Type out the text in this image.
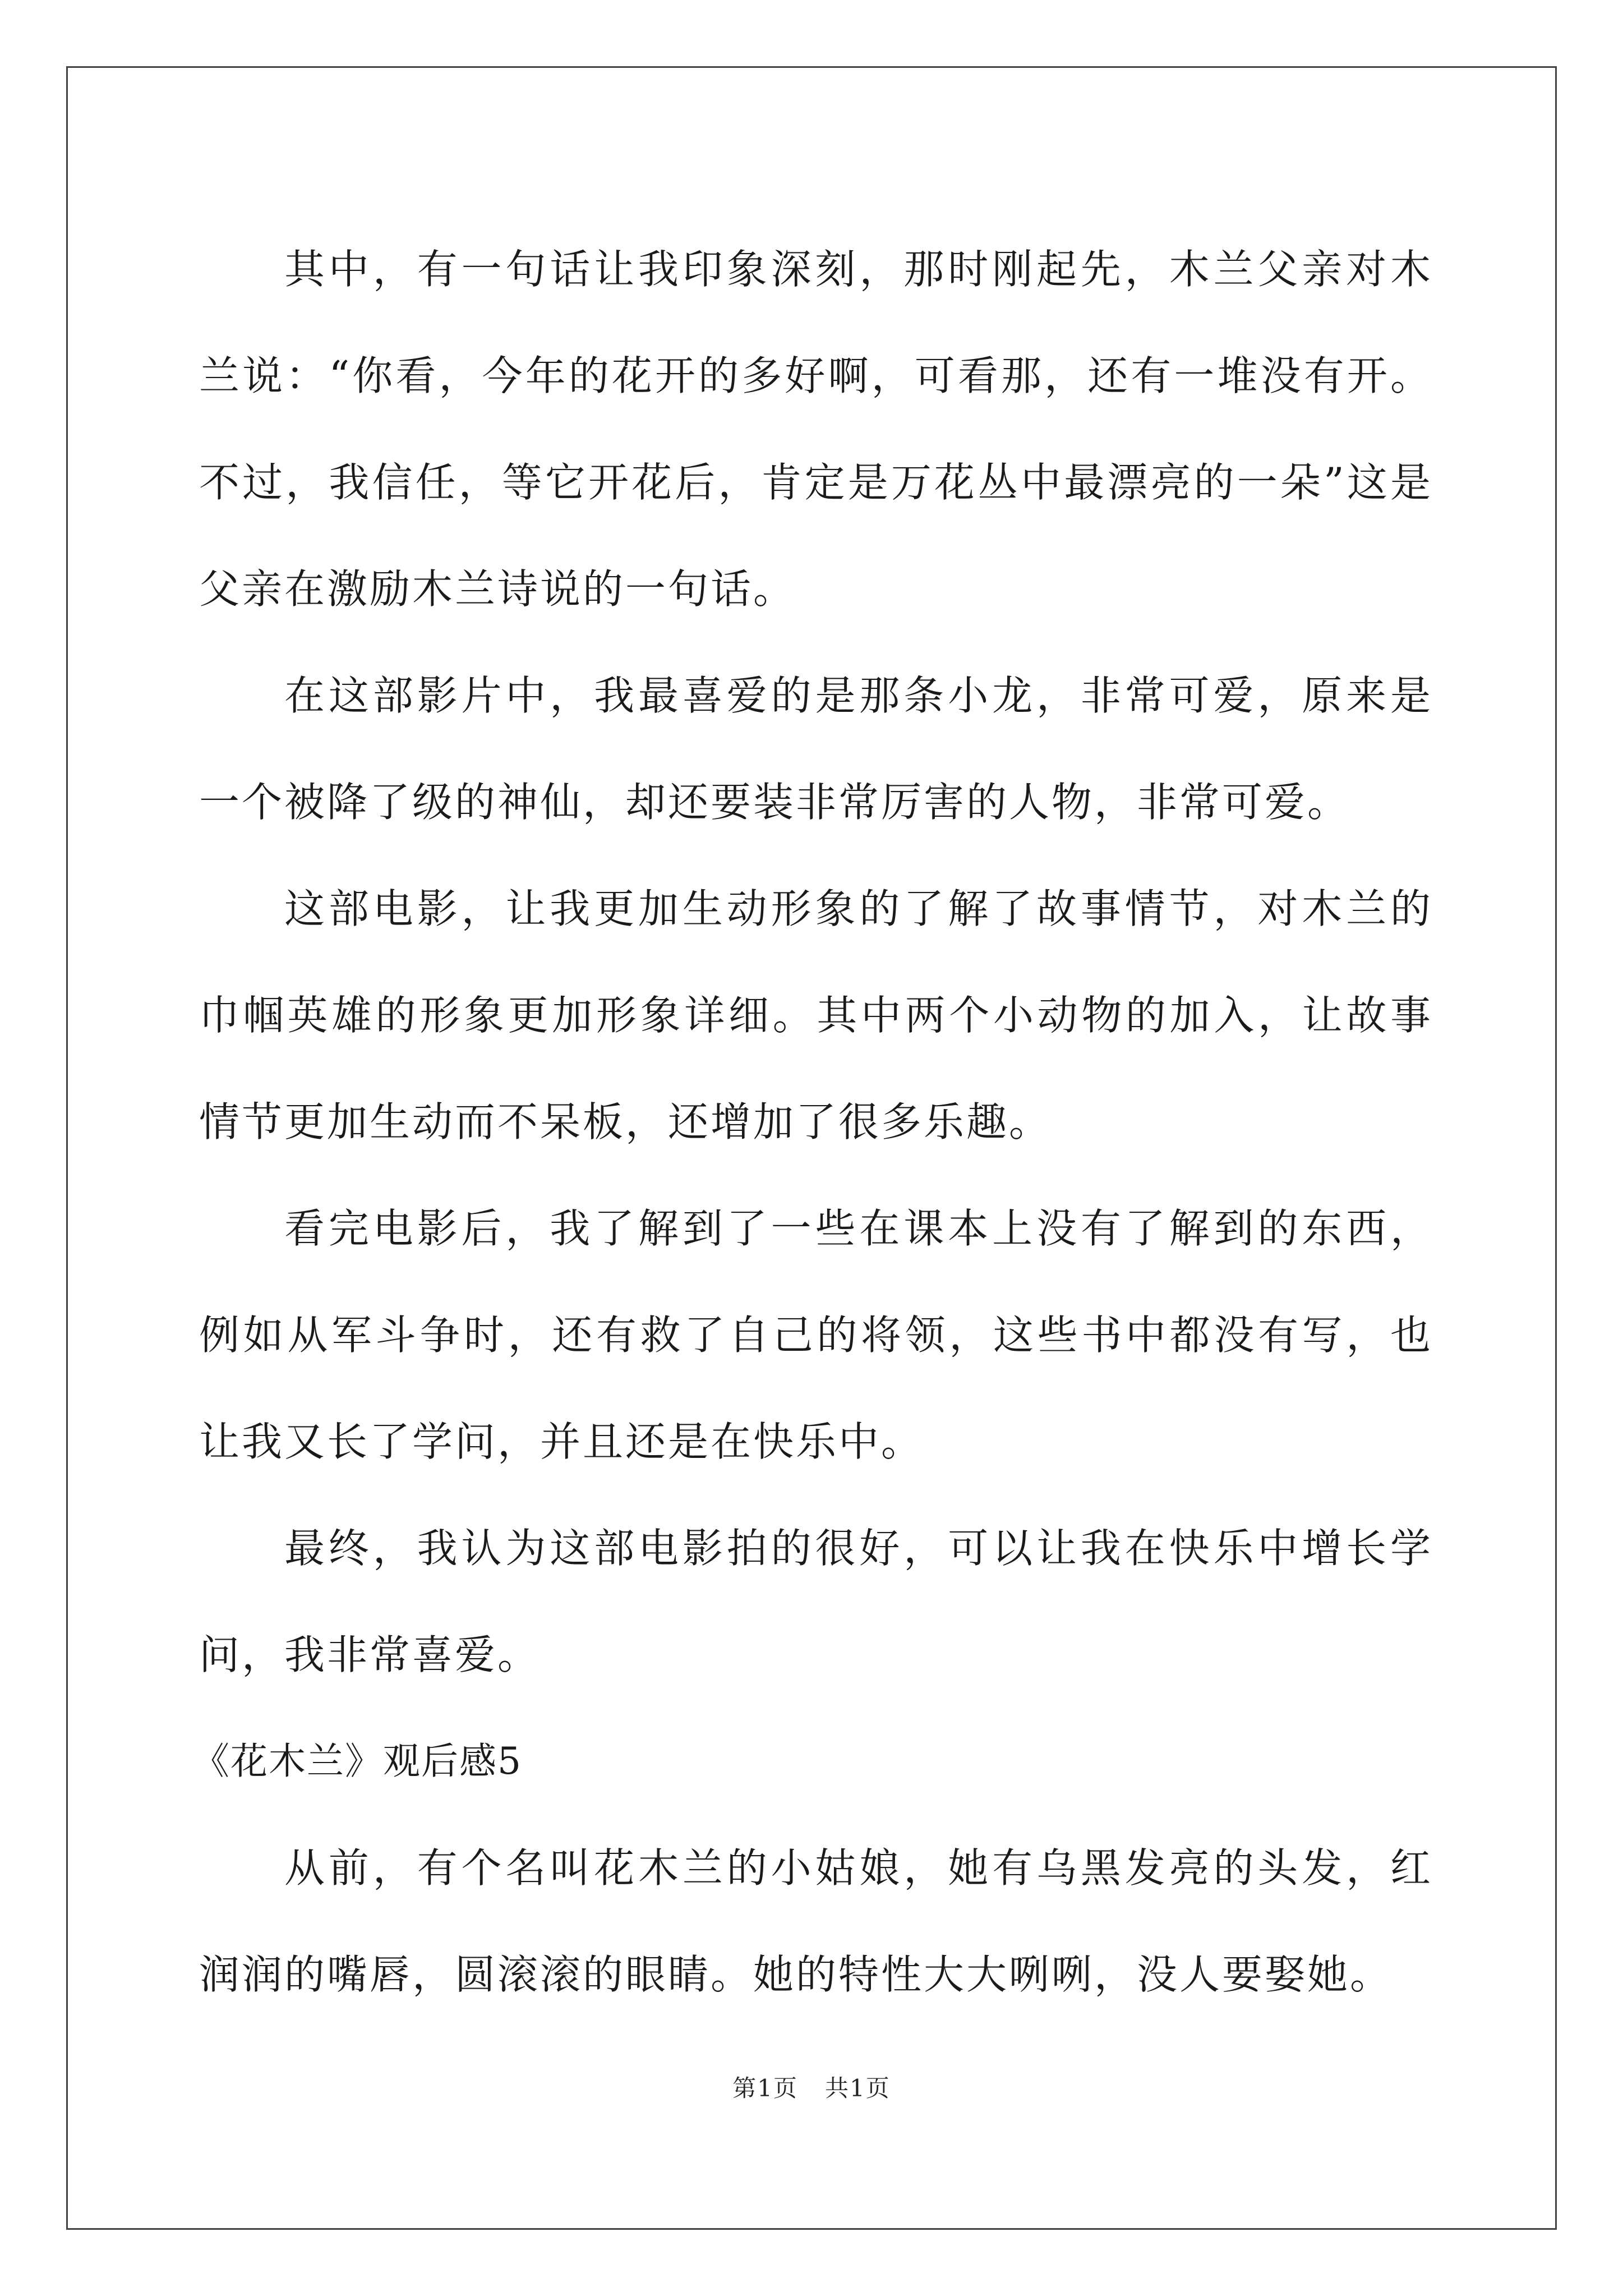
其中，有一句话让我印象深刻，那时刚起先，木兰父亲对木兰说：“你看，今年的花开的多好啊，可看那，还有一堆没有开。不过，我信任，等它开花后，肯定是万花丛中最漂亮的一朵”这是父亲在激励木兰诗说的一句话。

在这部影片中，我最喜爱的是那条小龙，非常可爱，原来是一个被降了级的神仙，却还要装非常厉害的人物，非常可爱。

这部电影，让我更加生动形象的了解了故事情节，对木兰的巾帼英雄的形象更加形象详细。其中两个小动物的加入，让故事情节更加生动而不呆板，还增加了很多乐趣。

看完电影后，我了解到了一些在课本上没有了解到的东西，例如从军斗争时，还有救了自己的将领，这些书中都没有写，也让我又长了学问，并且还是在快乐中。

最终，我认为这部电影拍的很好，可以让我在快乐中增长学问，我非常喜爱。

《花木兰》观后感5

从前，有个名叫花木兰的小姑娘，她有乌黑发亮的头发，红润润的嘴唇，圆滚滚的眼睛。她的特性大大咧咧，没人要娶她。

第1页 共1页
